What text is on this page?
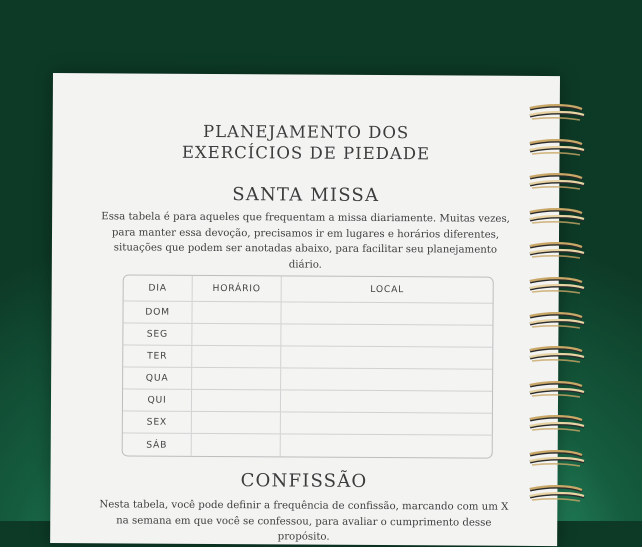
PLANEJAMENTO DOS
EXERCÍCIOS DE PIEDADE
SANTA MISSA
Essa tabela é para aqueles que frequentam a missa diariamente. Muitas vezes, para manter essa devoção, precisamos ir em lugares e horários diferentes, situações que podem ser anotadas abaixo, para facilitar seu planejamento diário.
DIA	HORÁRIO	LOCAL
DOM
SEG
TER
QUA
QUI
SEX
SÁB
CONFISSÃO
Nesta tabela, você pode definir a frequência de confissão, marcando com um X na semana em que você se confessou, para avaliar o cumprimento desse propósito.
